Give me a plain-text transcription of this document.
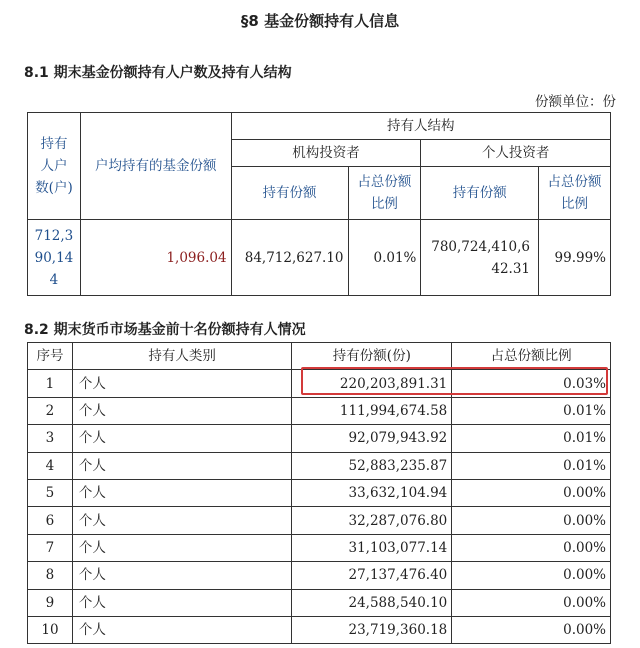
§8 基金份额持有人信息
8.1 期末基金份额持有人户数及持有人结构
份额单位：份
持有人户数(户)	户均持有的基金份额	持有人结构			
		机构投资者		个人投资者	
		持有份额	占总份额比例	持有份额	占总份额比例
712,390,144	1,096.04	84,712,627.10	0.01%	780,724,410,642.31	99.99%
8.2 期末货币市场基金前十名份额持有人情况
序号	持有人类别	持有份额(份)	占总份额比例
1	个人	220,203,891.31	0.03%
2	个人	111,994,674.58	0.01%
3	个人	92,079,943.92	0.01%
4	个人	52,883,235.87	0.01%
5	个人	33,632,104.94	0.00%
6	个人	32,287,076.80	0.00%
7	个人	31,103,077.14	0.00%
8	个人	27,137,476.40	0.00%
9	个人	24,588,540.10	0.00%
10	个人	23,719,360.18	0.00%
